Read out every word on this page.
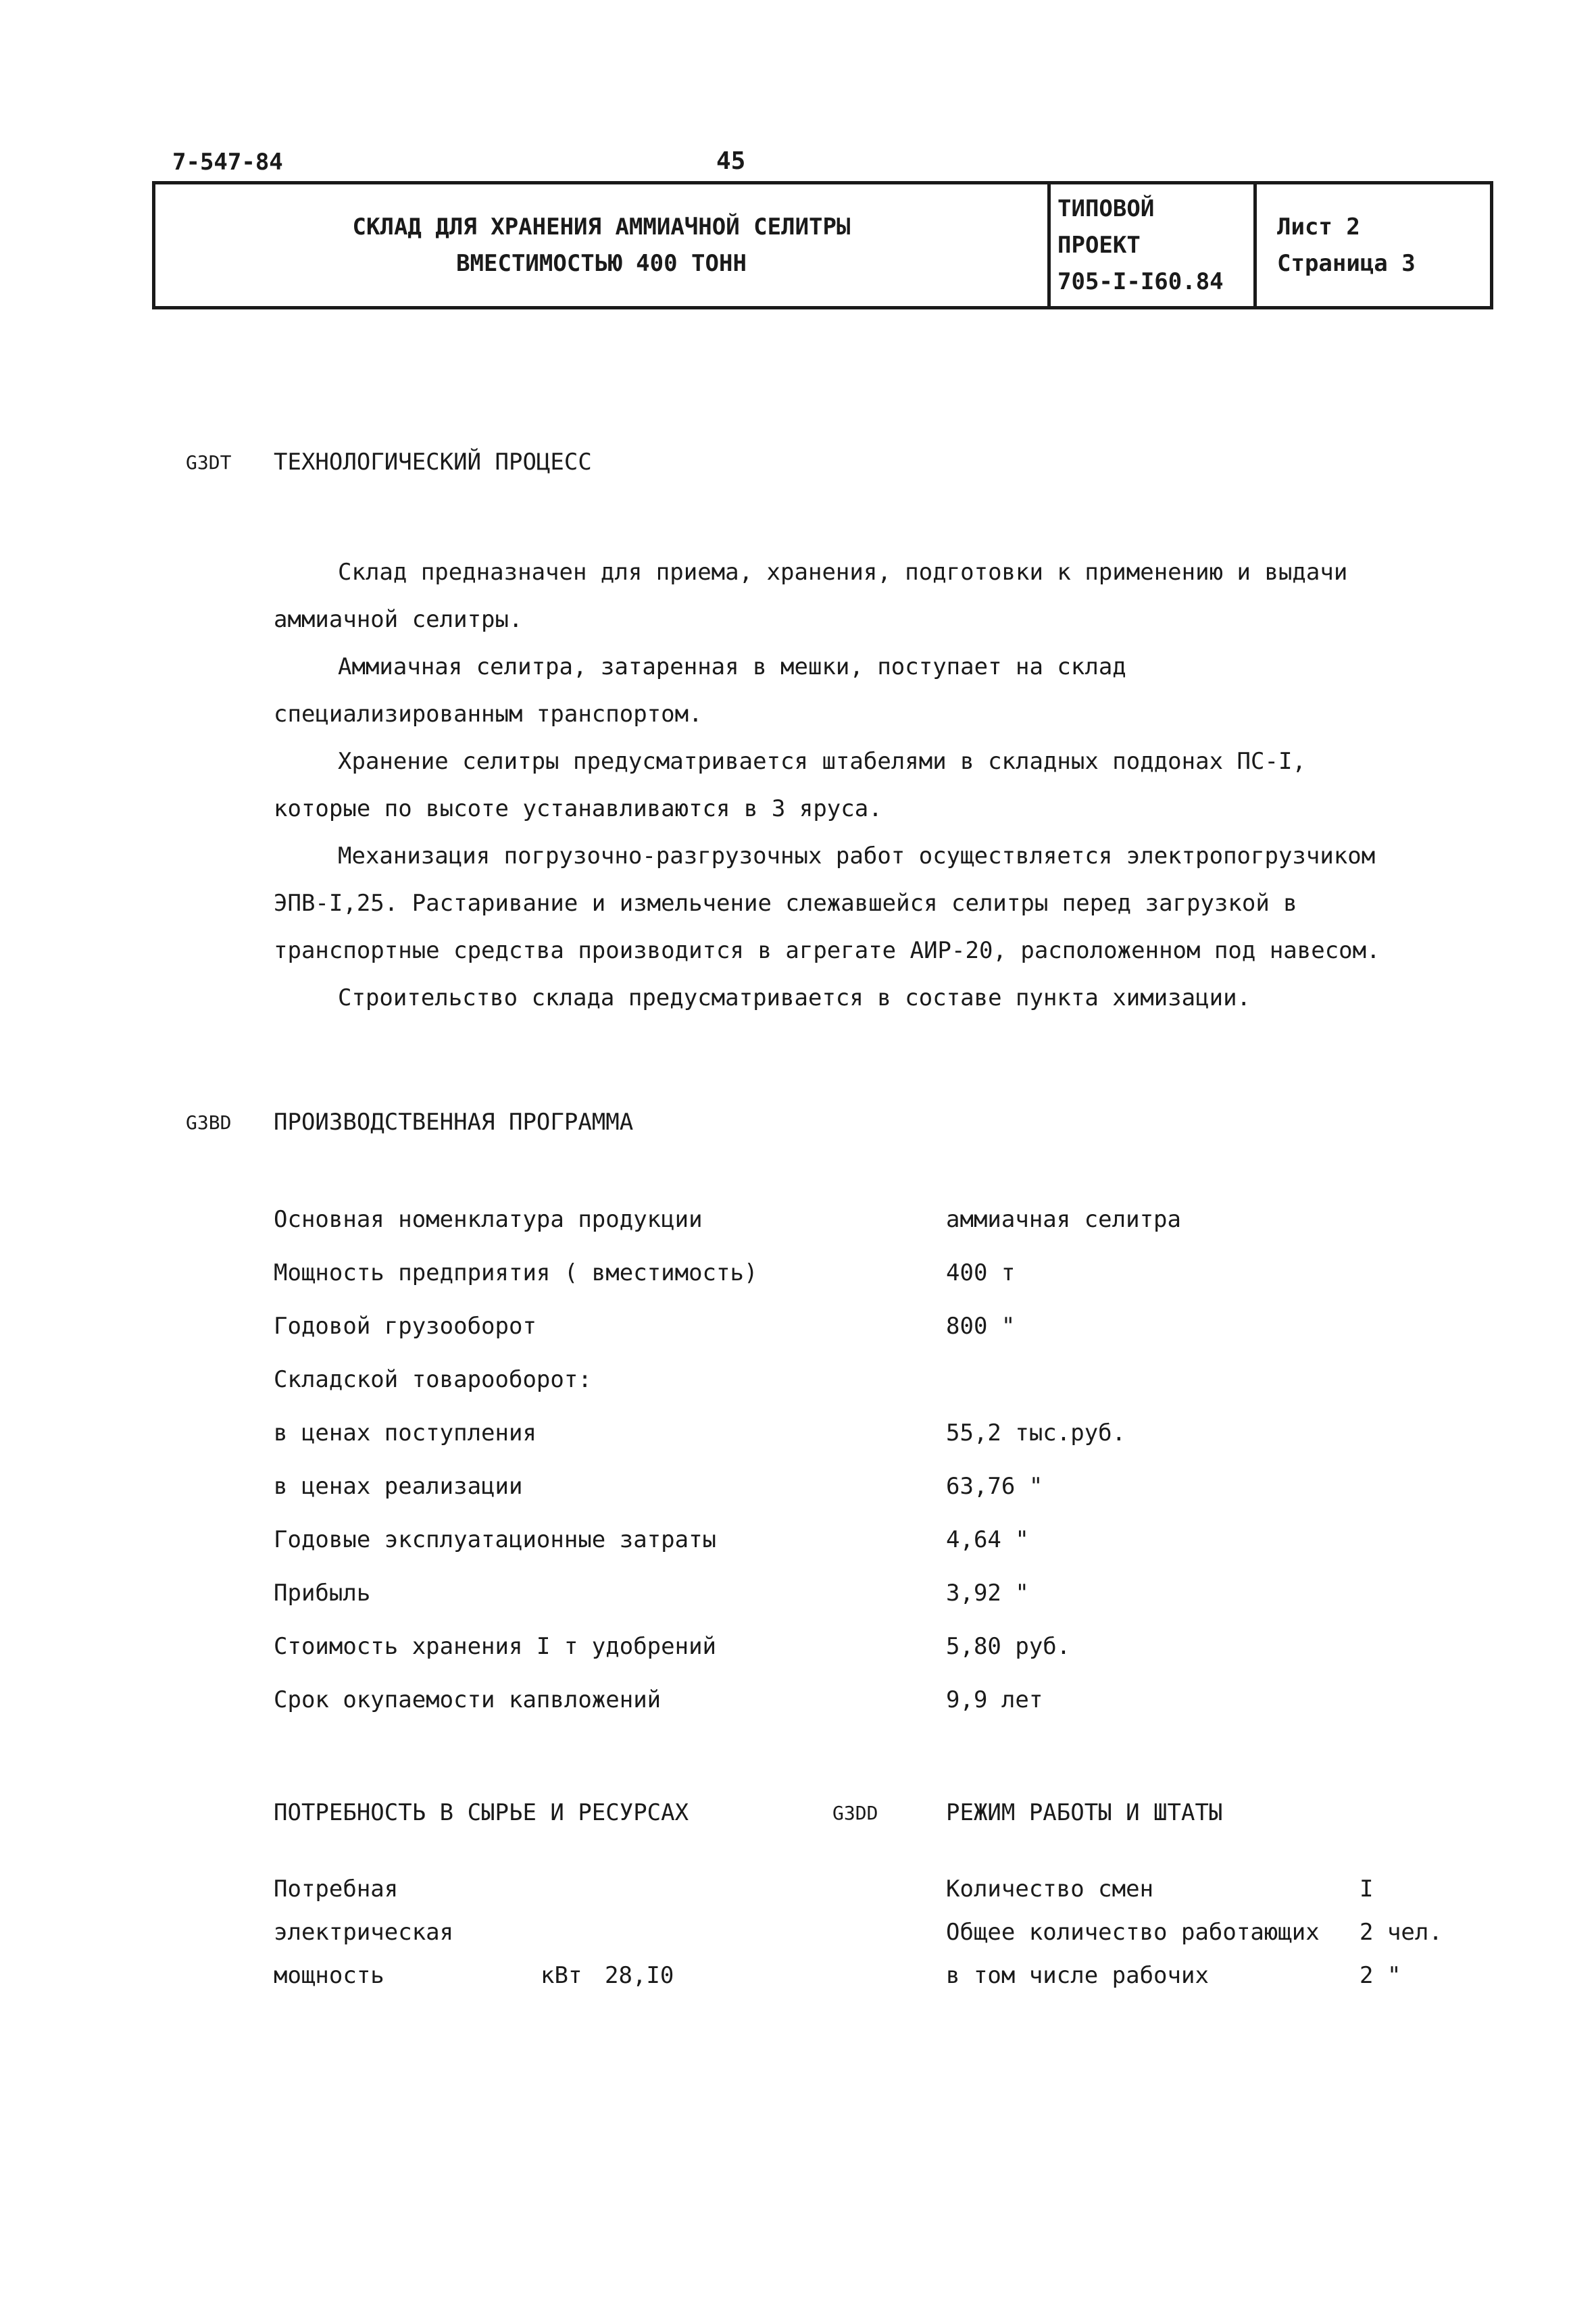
7-547-84	45
СКЛАД ДЛЯ ХРАНЕНИЯ АММИАЧНОЙ СЕЛИТРЫ
ВМЕСТИМОСТЬЮ 400 ТОНН
ТИПОВОЙ ПРОЕКТ
705-I-I60.84
Лист 2
Страница 3
G3DT ТЕХНОЛОГИЧЕСКИЙ ПРОЦЕСС
Склад предназначен для приема, хранения, подготовки к применению и выдачи аммиачной селитры.
Аммиачная селитра, затаренная в мешки, поступает на склад специализированным транспортом.
Хранение селитры предусматривается штабелями в складных поддонах ПС-I, которые по высоте устанавливаются в 3 яруса.
Механизация погрузочно-разгрузочных работ осуществляется электропогрузчиком ЭПВ-I,25. Растаривание и измельчение слежавшейся селитры перед загрузкой в транспортные средства производится в агрегате АИР-20, расположенном под навесом.
Строительство склада предусматривается в составе пункта химизации.
G3BD ПРОИЗВОДСТВЕННАЯ ПРОГРАММА
Основная номенклатура продукции	аммиачная селитра
Мощность предприятия ( вместимость)	400 т
Годовой грузооборот	800 "
Складской товарооборот:
в ценах поступления	55,2 тыс.руб.
в ценах реализации	63,76 "
Годовые эксплуатационные затраты	4,64 "
Прибыль	3,92 "
Стоимость хранения I т удобрений	5,80 руб.
Срок окупаемости капвложений	9,9 лет
ПОТРЕБНОСТЬ В СЫРЬЕ И РЕСУРСАХ
Потребная
электрическая
мощность	кВт 28,I0
G3DD	РЕЖИМ РАБОТЫ И ШТАТЫ
Количество смен	I
Общее количество работающих 2 чел.
в том числе рабочих	2 "
